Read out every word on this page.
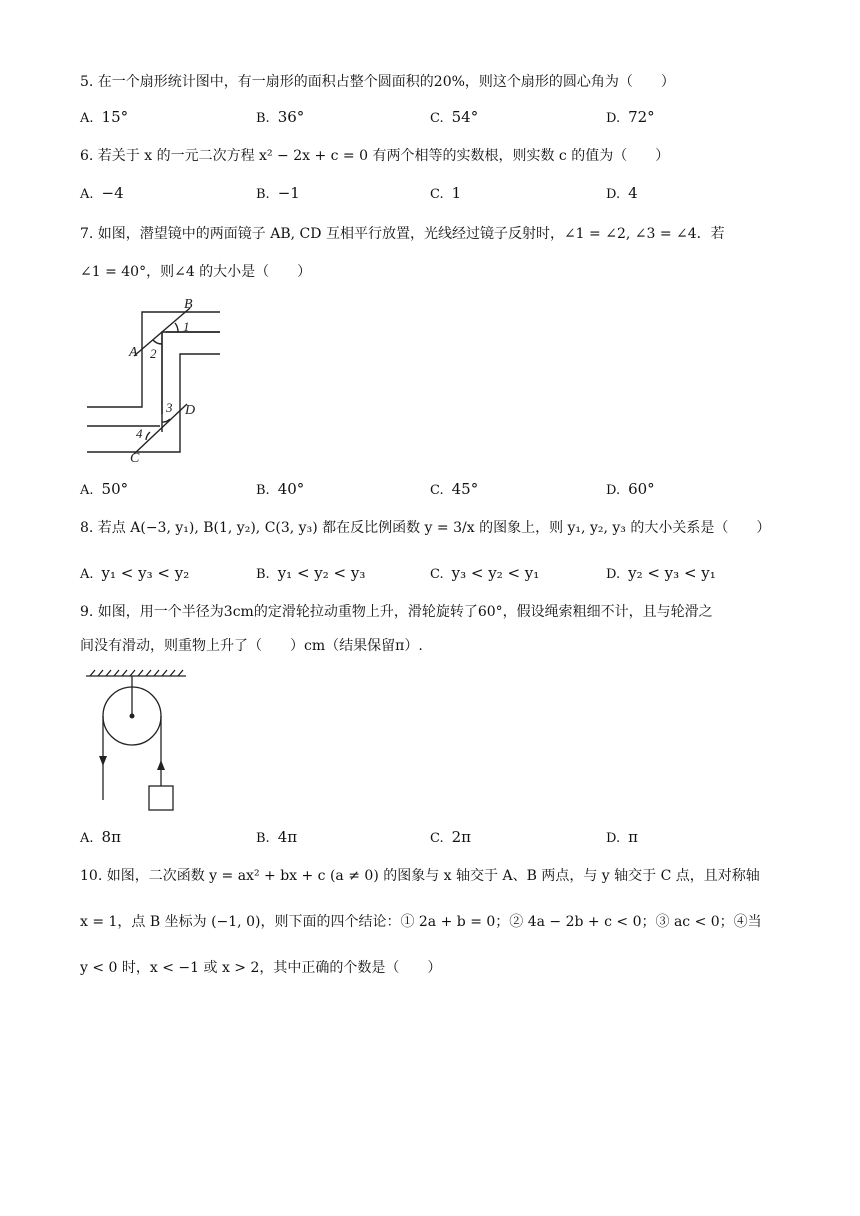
5. 在一个扇形统计图中，有一扇形的面积占整个圆面积的20%，则这个扇形的圆心角为（　　）
A. 15°	B. 36°	C. 54°	D. 72°
6. 若关于 x 的一元二次方程 x² − 2x + c = 0 有两个相等的实数根，则实数 c 的值为（　　）
A. −4	B. −1	C. 1	D. 4
7. 如图，潜望镜中的两面镜子 AB, CD 互相平行放置，光线经过镜子反射时，∠1 = ∠2, ∠3 = ∠4．若
∠1 = 40°，则∠4 的大小是（　　）
B
A
C
D
1
2
3
4
A. 50°	B. 40°	C. 45°	D. 60°
8. 若点 A(−3, y₁), B(1, y₂), C(3, y₃) 都在反比例函数 y = 3/x 的图象上，则 y₁, y₂, y₃ 的大小关系是（　　）
A. y₁ < y₃ < y₂	B. y₁ < y₂ < y₃	C. y₃ < y₂ < y₁	D. y₂ < y₃ < y₁
9. 如图，用一个半径为3cm的定滑轮拉动重物上升，滑轮旋转了60°，假设绳索粗细不计，且与轮滑之
间没有滑动，则重物上升了（　　）cm（结果保留π）.
A. 8π	B. 4π	C. 2π	D. π
10. 如图，二次函数 y = ax² + bx + c (a ≠ 0) 的图象与 x 轴交于 A、B 两点，与 y 轴交于 C 点，且对称轴
x = 1，点 B 坐标为 (−1, 0)，则下面的四个结论：① 2a + b = 0；② 4a − 2b + c < 0；③ ac < 0；④当
y < 0 时，x < −1 或 x > 2，其中正确的个数是（　　）
